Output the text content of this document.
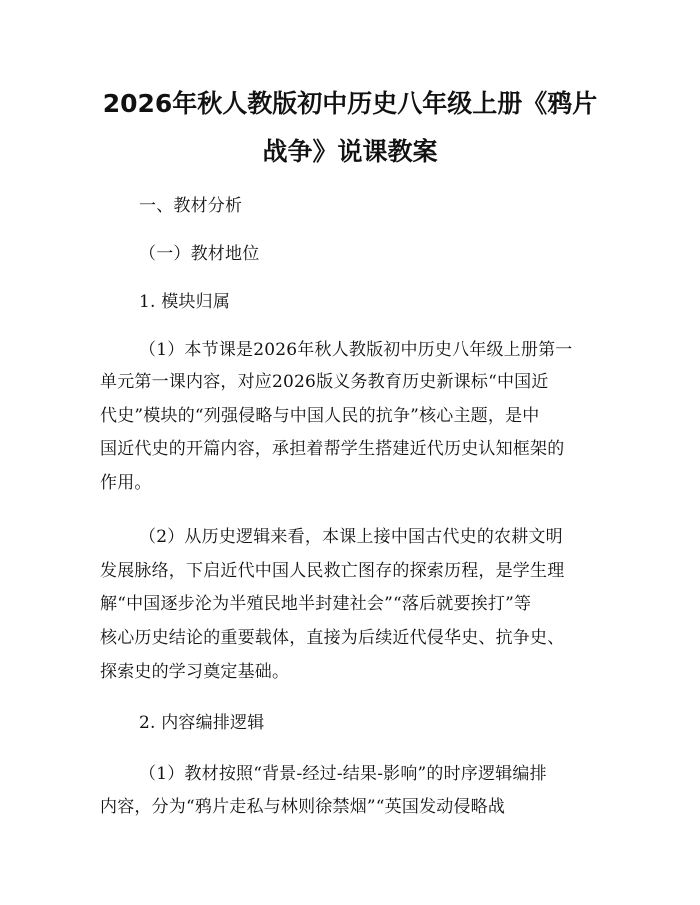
2026年秋人教版初中历史八年级上册《鸦片
战争》说课教案
一、教材分析
（一）教材地位
1. 模块归属
（1）本节课是2026年秋人教版初中历史八年级上册第一
单元第一课内容，对应2026版义务教育历史新课标“中国近
代史”模块的“列强侵略与中国人民的抗争”核心主题，是中
国近代史的开篇内容，承担着帮学生搭建近代历史认知框架的
作用。
（2）从历史逻辑来看，本课上接中国古代史的农耕文明
发展脉络，下启近代中国人民救亡图存的探索历程，是学生理
解“中国逐步沦为半殖民地半封建社会”“落后就要挨打”等
核心历史结论的重要载体，直接为后续近代侵华史、抗争史、
探索史的学习奠定基础。
2. 内容编排逻辑
（1）教材按照“背景-经过-结果-影响”的时序逻辑编排
内容，分为“鸦片走私与林则徐禁烟”“英国发动侵略战
